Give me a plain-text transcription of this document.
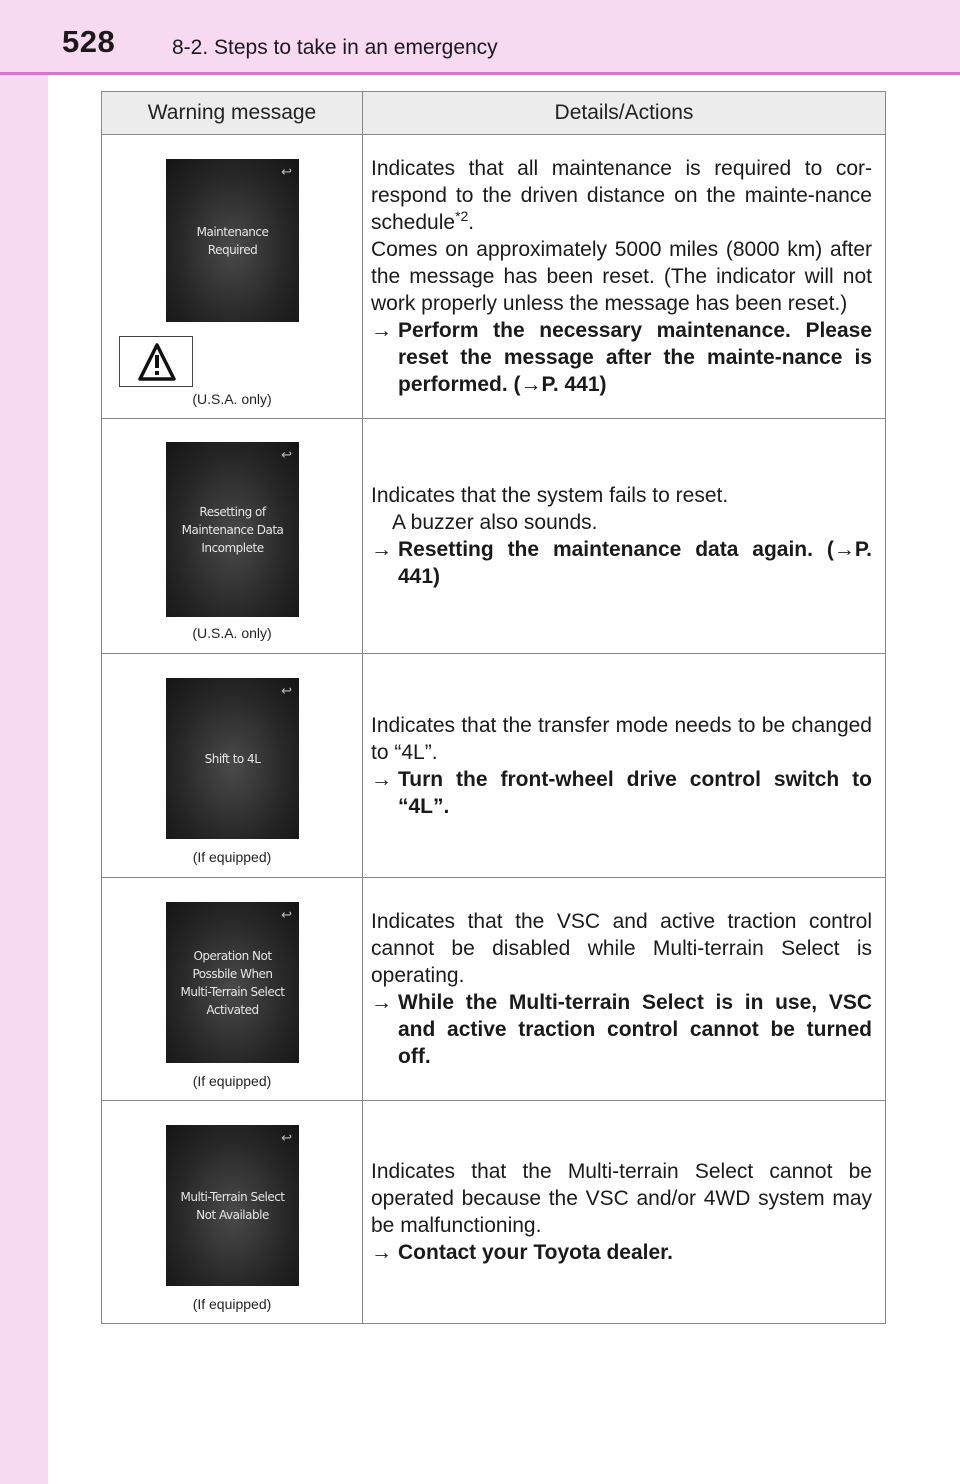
528	8-2. Steps to take in an emergency
Warning message	Details/Actions
↩
Maintenance
Required
(U.S.A. only)
Indicates that all maintenance is required to cor-respond to the driven distance on the mainte-nance schedule$^{*2}$.
Comes on approximately 5000 miles (8000 km) after the message has been reset. (The indicator will not work properly unless the message has been reset.)
→ Perform the necessary maintenance. Please reset the message after the mainte-nance is performed. (→P. 441)
↩
Resetting of
Maintenance Data
Incomplete
(U.S.A. only)
Indicates that the system fails to reset.
A buzzer also sounds.
→ Resetting the maintenance data again. (→P. 441)
↩
Shift to 4L
(If equipped)
Indicates that the transfer mode needs to be changed to “4L”.
→ Turn the front-wheel drive control switch to “4L”.
↩
Operation Not
Possbile When
Multi-Terrain Select
Activated
(If equipped)
Indicates that the VSC and active traction control cannot be disabled while Multi-terrain Select is operating.
→ While the Multi-terrain Select is in use, VSC and active traction control cannot be turned off.
↩
Multi-Terrain Select
Not Available
(If equipped)
Indicates that the Multi-terrain Select cannot be operated because the VSC and/or 4WD system may be malfunctioning.
→ Contact your Toyota dealer.
